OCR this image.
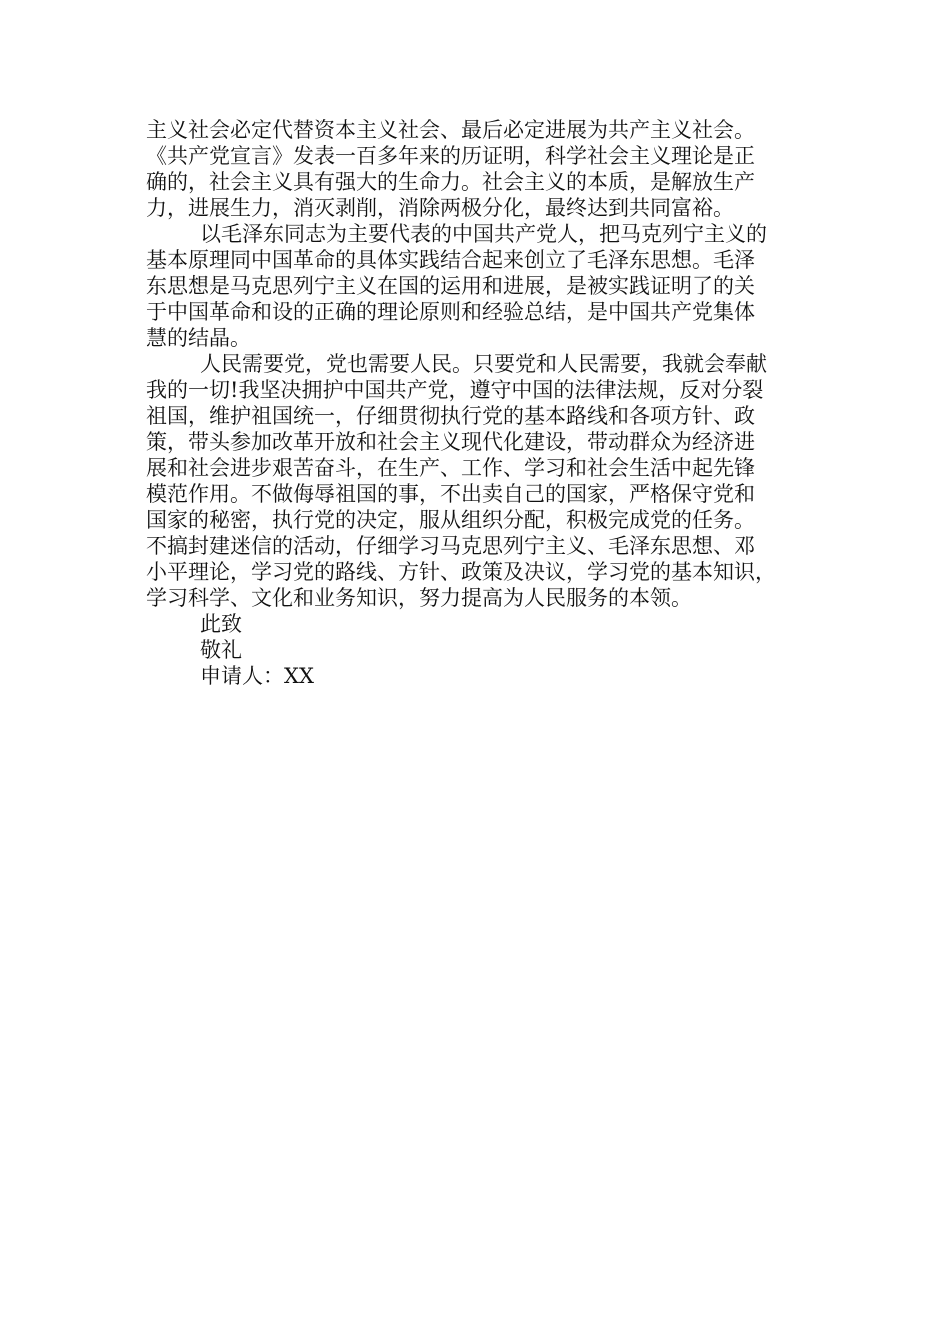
主义社会必定代替资本主义社会、最后必定进展为共产主义社会。
《共产党宣言》发表一百多年来的历证明，科学社会主义理论是正
确的，社会主义具有强大的生命力。社会主义的本质，是解放生产
力，进展生力，消灭剥削，消除两极分化，最终达到共同富裕。
以毛泽东同志为主要代表的中国共产党人，把马克列宁主义的
基本原理同中国革命的具体实践结合起来创立了毛泽东思想。毛泽
东思想是马克思列宁主义在国的运用和进展，是被实践证明了的关
于中国革命和设的正确的理论原则和经验总结，是中国共产党集体
慧的结晶。
人民需要党，党也需要人民。只要党和人民需要，我就会奉献
我的一切!我坚决拥护中国共产党，遵守中国的法律法规，反对分裂
祖国，维护祖国统一，仔细贯彻执行党的基本路线和各项方针、政
策，带头参加改革开放和社会主义现代化建设，带动群众为经济进
展和社会进步艰苦奋斗，在生产、工作、学习和社会生活中起先锋
模范作用。不做侮辱祖国的事，不出卖自己的国家，严格保守党和
国家的秘密，执行党的决定，服从组织分配，积极完成党的任务。
不搞封建迷信的活动，仔细学习马克思列宁主义、毛泽东思想、邓
小平理论，学习党的路线、方针、政策及决议，学习党的基本知识，
学习科学、文化和业务知识，努力提高为人民服务的本领。
此致
敬礼
申请人：XX
